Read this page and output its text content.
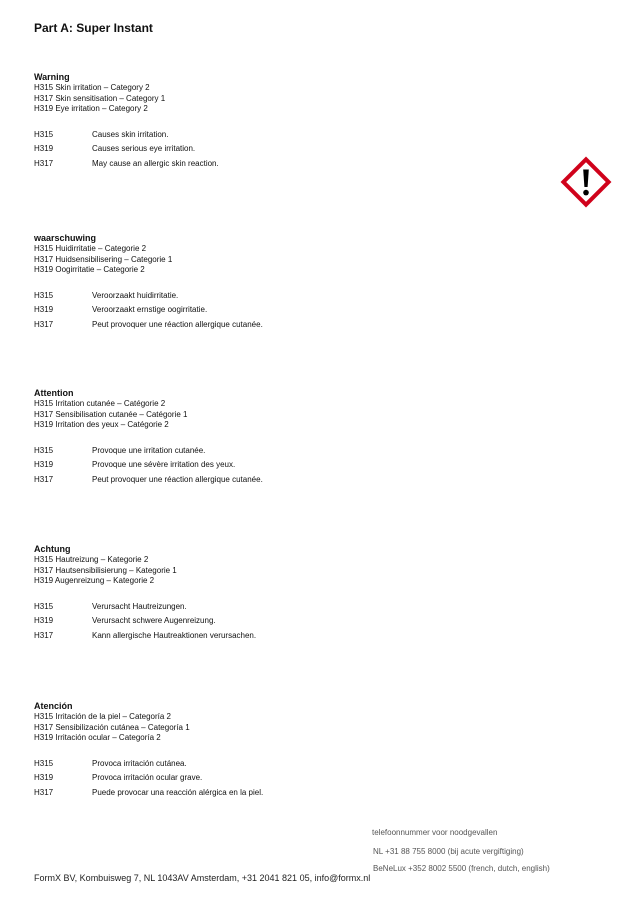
Part A: Super Instant
Warning
H315 Skin irritation – Category 2
H317 Skin sensitisation – Category 1
H319 Eye irritation – Category 2
H315	Causes skin irritation.
H319	Causes serious eye irritation.
H317	May cause an allergic skin reaction.
waarschuwing
H315 Huidirritatie – Categorie 2
H317 Huidsensibilisering – Categorie 1
H319 Oogirritatie – Categorie 2
H315	Veroorzaakt huidirritatie.
H319	Veroorzaakt ernstige oogirritatie.
H317	Peut provoquer une réaction allergique cutanée.
Attention
H315 Irritation cutanée – Catégorie 2
H317 Sensibilisation cutanée – Catégorie 1
H319 Irritation des yeux – Catégorie 2
H315	Provoque une irritation cutanée.
H319	Provoque une sévère irritation des yeux.
H317	Peut provoquer une réaction allergique cutanée.
Achtung
H315 Hautreizung – Kategorie 2
H317 Hautsensibilisierung – Kategorie 1
H319 Augenreizung – Kategorie 2
H315	Verursacht Hautreizungen.
H319	Verursacht schwere Augenreizung.
H317	Kann allergische Hautreaktionen verursachen.
Atención
H315 Irritación de la piel – Categoría 2
H317 Sensibilización cutánea – Categoría 1
H319 Irritación ocular – Categoría 2
H315	Provoca irritación cutánea.
H319	Provoca irritación ocular grave.
H317	Puede provocar una reacción alérgica en la piel.
telefoonnummer voor noodgevallen
NL +31 88 755 8000 (bij acute vergiftiging)
BeNeLux +352 8002 5500 (french, dutch, english)
FormX BV, Kombuisweg 7, NL 1043AV Amsterdam, +31 2041 821 05, info@formx.nl
